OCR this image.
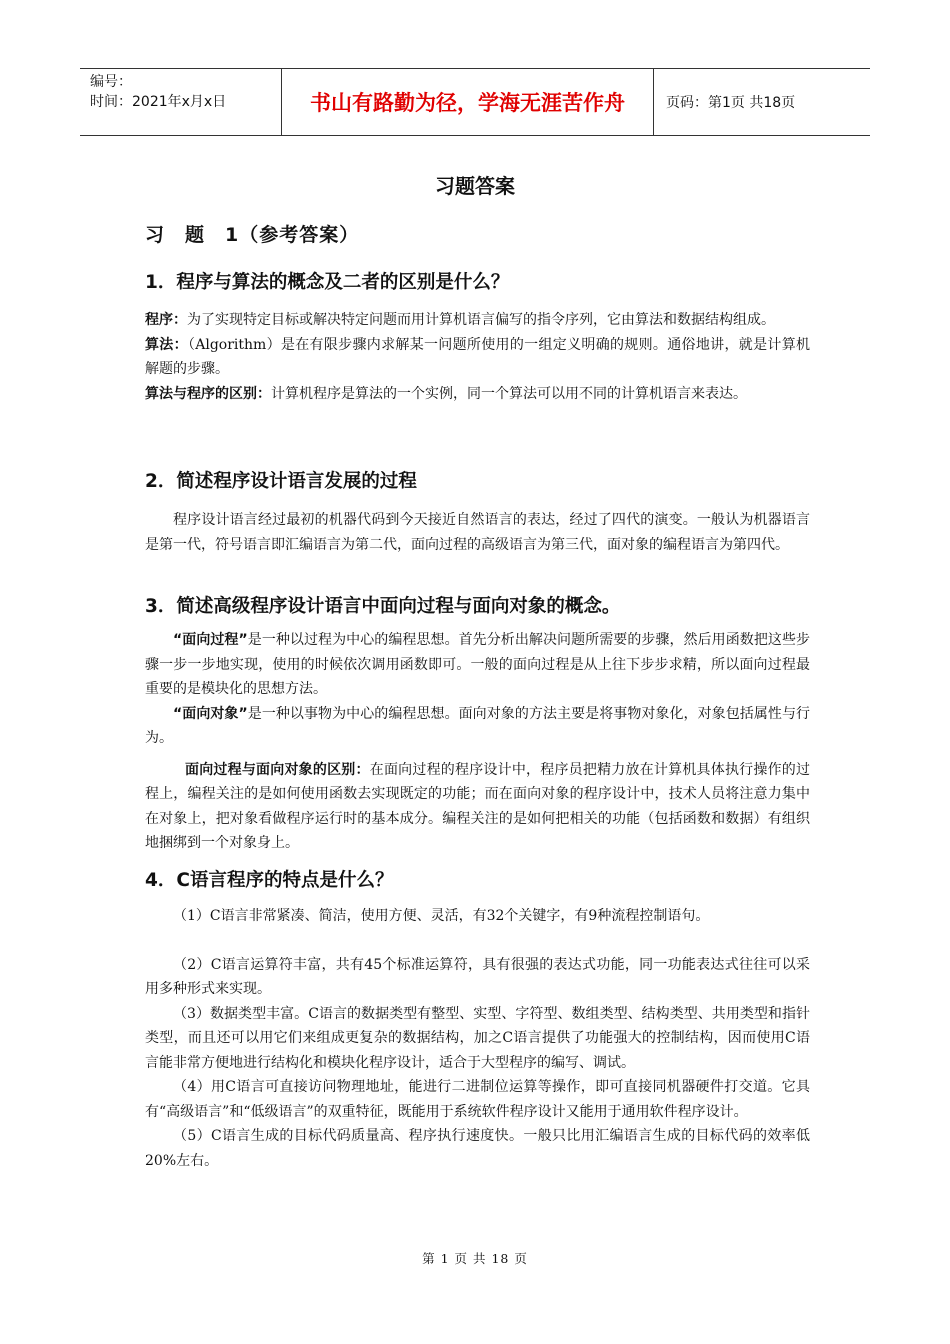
编号：
时间：2021年x月x日	书山有路勤为径，学海无涯苦作舟	页码：第1页 共18页
习题答案
习　题　1（参考答案）

1．程序与算法的概念及二者的区别是什么？

程序：为了实现特定目标或解决特定问题而用计算机语言偏写的指令序列，它由算法和数据结构组成。

算法：（Algorithm）是在有限步骤内求解某一问题所使用的一组定义明确的规则。通俗地讲，就是计算机解题的步骤。

算法与程序的区别：计算机程序是算法的一个实例，同一个算法可以用不同的计算机语言来表达。

2．简述程序设计语言发展的过程

程序设计语言经过最初的机器代码到今天接近自然语言的表达，经过了四代的演变。一般认为机器语言是第一代，符号语言即汇编语言为第二代，面向过程的高级语言为第三代，面对象的编程语言为第四代。

3．简述高级程序设计语言中面向过程与面向对象的概念。

“面向过程”是一种以过程为中心的编程思想。首先分析出解决问题所需要的步骤，然后用函数把这些步骤一步一步地实现，使用的时候依次调用函数即可。一般的面向过程是从上往下步步求精，所以面向过程最重要的是模块化的思想方法。

“面向对象”是一种以事物为中心的编程思想。面向对象的方法主要是将事物对象化，对象包括属性与行为。

面向过程与面向对象的区别：在面向过程的程序设计中，程序员把精力放在计算机具体执行操作的过程上，编程关注的是如何使用函数去实现既定的功能；而在面向对象的程序设计中，技术人员将注意力集中在对象上，把对象看做程序运行时的基本成分。编程关注的是如何把相关的功能（包括函数和数据）有组织地捆绑到一个对象身上。

4．C语言程序的特点是什么？

（1）C语言非常紧凑、简洁，使用方便、灵活，有32个关键字，有9种流程控制语句。

（2）C语言运算符丰富，共有45个标准运算符，具有很强的表达式功能，同一功能表达式往往可以采用多种形式来实现。

（3）数据类型丰富。C语言的数据类型有整型、实型、字符型、数组类型、结构类型、共用类型和指针类型，而且还可以用它们来组成更复杂的数据结构，加之C语言提供了功能强大的控制结构，因而使用C语言能非常方便地进行结构化和模块化程序设计，适合于大型程序的编写、调试。

（4）用C语言可直接访问物理地址，能进行二进制位运算等操作，即可直接同机器硬件打交道。它具有“高级语言”和“低级语言”的双重特征，既能用于系统软件程序设计又能用于通用软件程序设计。

（5）C语言生成的目标代码质量高、程序执行速度快。一般只比用汇编语言生成的目标代码的效率低20%左右。

第 1 页 共 18 页
